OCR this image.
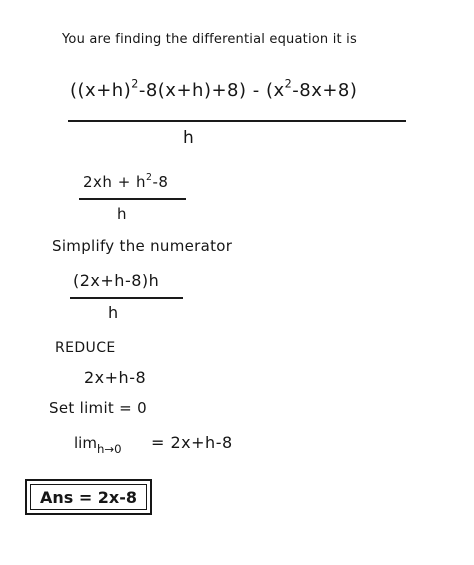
You are finding the differential equation it is
$((x+h)^2-8(x+h)+8) - (x^2-8x+8)$
h
$2xh + h^2-8$
h
Simplify the numerator
(2x+h-8)h
h
REDUCE
2x+h-8
Set limit = 0
$\lim_{h\to 0} = 2x+h-8$
Ans = 2x-8
